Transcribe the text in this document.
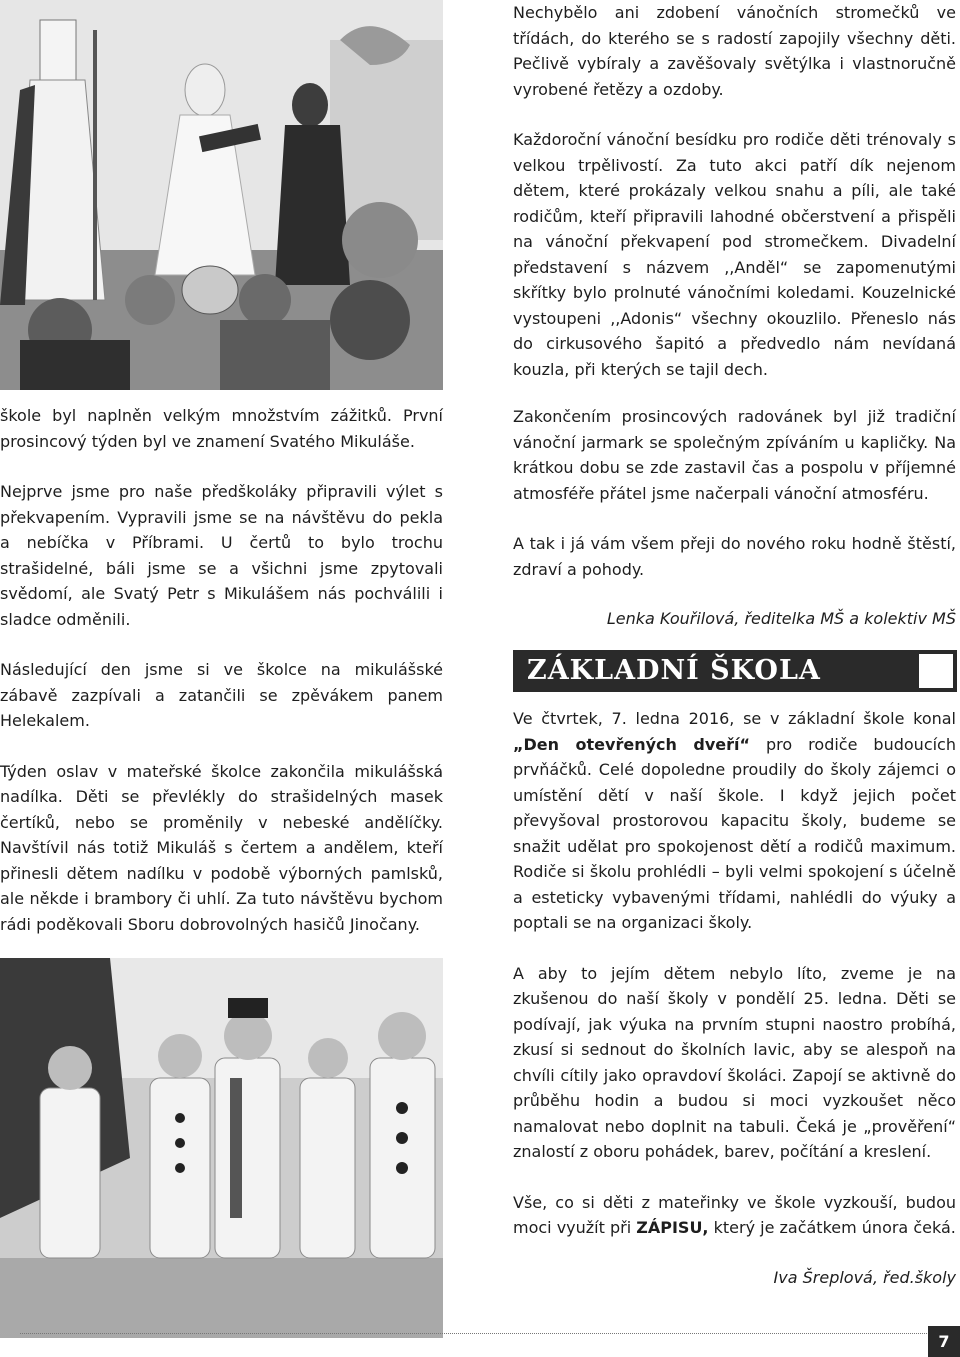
škole byl naplněn velkým množstvím zážitků. První prosincový týden byl ve znamení Svatého Mikuláše.

Nejprve jsme pro naše předškoláky připravili výlet s překvapením. Vypravili jsme se na návštěvu do pekla a nebíčka v Příbrami. U čertů to bylo trochu strašidelné, báli jsme se a všichni jsme zpytovali svědomí, ale Svatý Petr s Mikulášem nás pochválili i sladce odměnili.

Následující den jsme si ve školce na mikulášské zábavě zazpívali a zatančili se zpěvákem panem Helekalem.

Týden oslav v mateřské školce zakončila mikulášská nadílka. Děti se převlékly do strašidelných masek čertíků, nebo se proměnily v nebeské andělíčky. Navštívil nás totiž Mikuláš s čertem a andělem, kteří přinesli dětem nadílku v podobě výborných pamlsků, ale někde i brambory či uhlí. Za tuto návštěvu bychom rádi poděkovali Sboru dobrovolných hasičů Jinočany.

Nechybělo ani zdobení vánočních stromečků ve třídách, do kterého se s radostí zapojily všechny děti. Pečlivě vybíraly a zavěšovaly světýlka i vlastnoručně vyrobené řetězy a ozdoby.

Každoroční vánoční besídku pro rodiče děti trénovaly s velkou trpělivostí. Za tuto akci patří dík nejenom dětem, které prokázaly velkou snahu a píli, ale také rodičům, kteří připravili lahodné občerstvení a přispěli na vánoční překvapení pod stromečkem. Divadelní představení s názvem ,,Anděl“ se zapomenutými skřítky bylo prolnuté vánočními koledami. Kouzelnické vystoupeni ,,Adonis“ všechny okouzlilo. Přeneslo nás do cirkusového šapitó a předvedlo nám nevídaná kouzla, při kterých se tajil dech.

Zakončením prosincových radovánek byl již tradiční vánoční jarmark se společným zpíváním u kapličky. Na krátkou dobu se zde zastavil čas a pospolu v příjemné atmosféře přátel jsme načerpali vánoční atmosféru.

A tak i já vám všem přeji do nového roku hodně štěstí, zdraví a pohody.

Lenka Kouřilová, ředitelka MŠ a kolektiv MŠ

ZÁKLADNÍ ŠKOLA

Ve čtvrtek, 7. ledna 2016, se v základní škole konal „Den otevřených dveří“ pro rodiče budoucích prvňáčků. Celé dopoledne proudily do školy zájemci o umístění dětí v naší škole. I když jejich počet převyšoval prostorovou kapacitu školy, budeme se snažit udělat pro spokojenost dětí a rodičů maximum. Rodiče si školu prohlédli – byli velmi spokojení s účelně a esteticky vybavenými třídami, nahlédli do výuky a poptali se na organizaci školy.

A aby to jejím dětem nebylo líto, zveme je na zkušenou do naší školy v pondělí 25. ledna. Děti se podívají, jak výuka na prvním stupni naostro probíhá, zkusí si sednout do školních lavic, aby se alespoň na chvíli cítily jako opravdoví školáci. Zapojí se aktivně do průběhu hodin a budou si moci vyzkoušet něco namalovat nebo doplnit na tabuli. Čeká je „prověření“ znalostí z oboru pohádek, barev, počítání a kreslení.

Vše, co si děti z mateřinky ve škole vyzkouší, budou moci využít při ZÁPISU, který je začátkem února čeká.

Iva Šreplová, řed.školy

7
